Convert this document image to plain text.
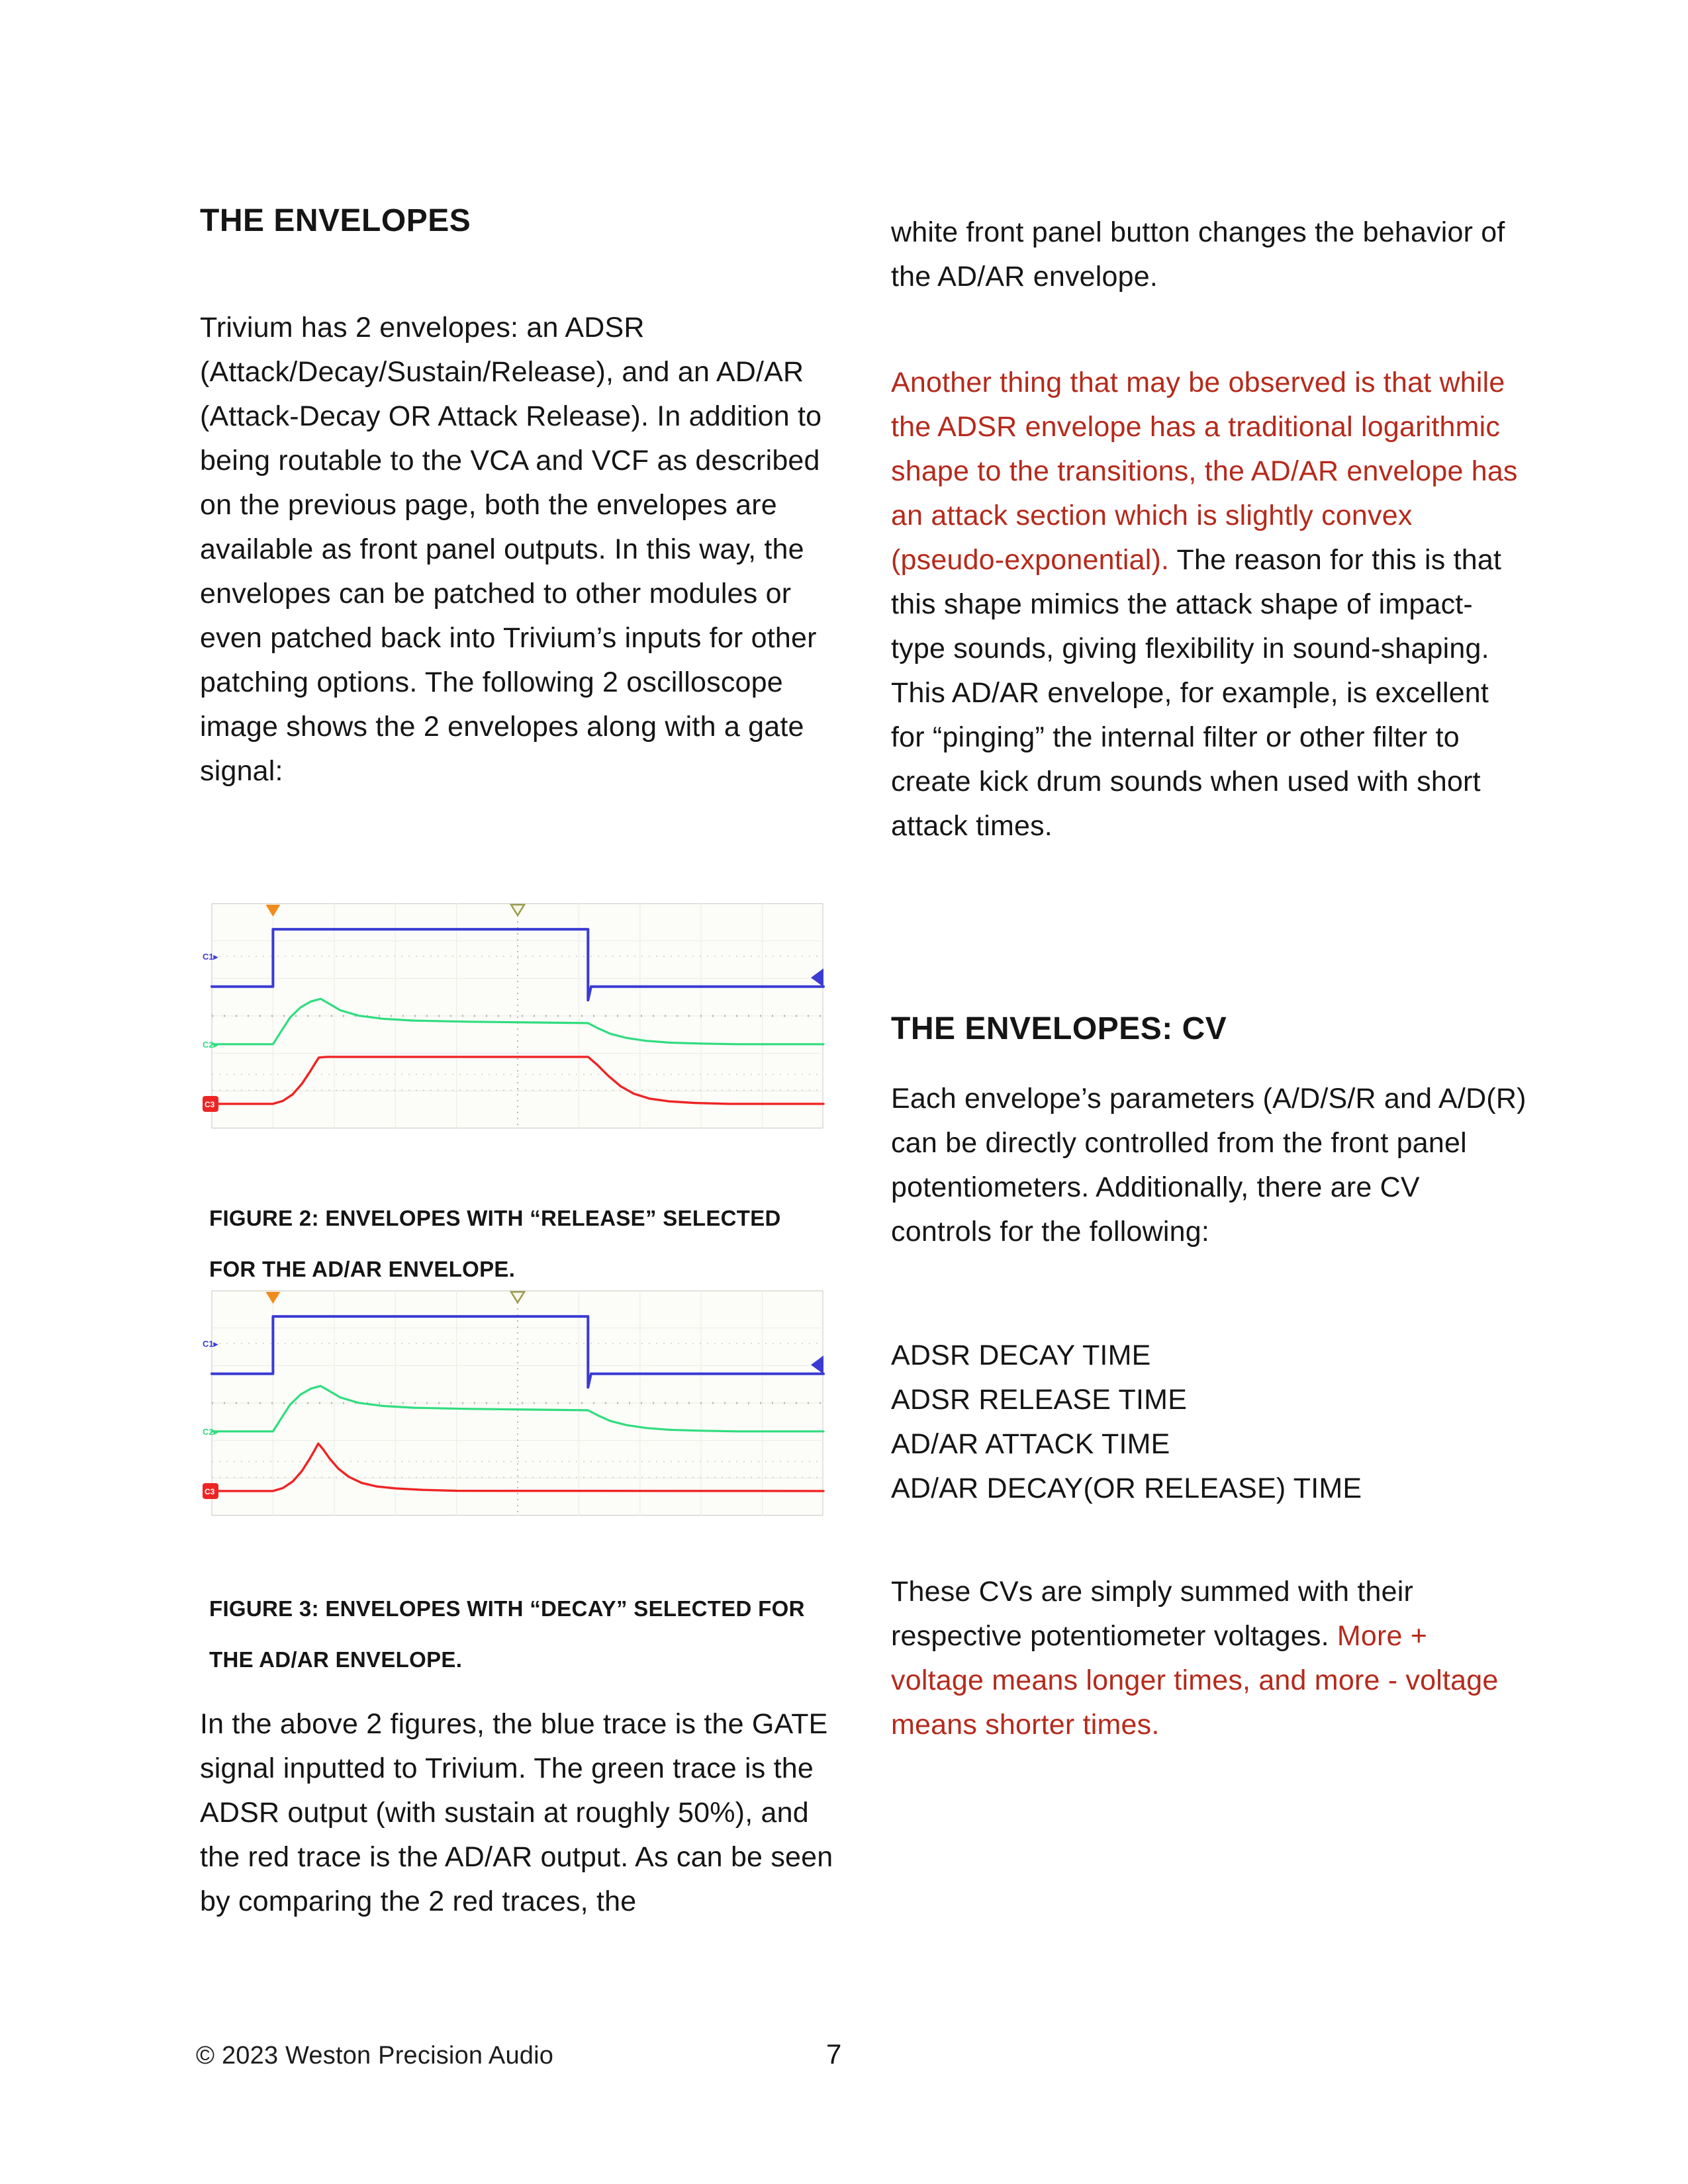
THE ENVELOPES
Trivium has 2 envelopes: an ADSR (Attack/Decay/Sustain/Release), and an AD/AR (Attack-Decay OR Attack Release). In addition to being routable to the VCA and VCF as described on the previous page, both the envelopes are available as front panel outputs. In this way, the envelopes can be patched to other modules or even patched back into Trivium’s inputs for other patching options. The following 2 oscilloscope image shows the 2 envelopes along with a gate signal:
C1▸
C2▸
C3
FIGURE 2: ENVELOPES WITH “RELEASE” SELECTED FOR THE AD/AR ENVELOPE.
C1▸
C2▸
C3
FIGURE 3: ENVELOPES WITH “DECAY” SELECTED FOR THE AD/AR ENVELOPE.
In the above 2 figures, the blue trace is the GATE signal inputted to Trivium. The green trace is the ADSR output (with sustain at roughly 50%), and the red trace is the AD/AR output. As can be seen by comparing the 2 red traces, the
white front panel button changes the behavior of the AD/AR envelope.
Another thing that may be observed is that while the ADSR envelope has a traditional logarithmic shape to the transitions, the AD/AR envelope has an attack section which is slightly convex (pseudo-exponential). The reason for this is that this shape mimics the attack shape of impact-type sounds, giving flexibility in sound-shaping. This AD/AR envelope, for example, is excellent for “pinging” the internal filter or other filter to create kick drum sounds when used with short attack times.
THE ENVELOPES: CV
Each envelope’s parameters (A/D/S/R and A/D(R) can be directly controlled from the front panel potentiometers. Additionally, there are CV controls for the following:
ADSR DECAY TIME
ADSR RELEASE TIME
AD/AR ATTACK TIME
AD/AR DECAY(OR RELEASE) TIME
These CVs are simply summed with their respective potentiometer voltages. More + voltage means longer times, and more - voltage means shorter times.
© 2023 Weston Precision Audio	7
